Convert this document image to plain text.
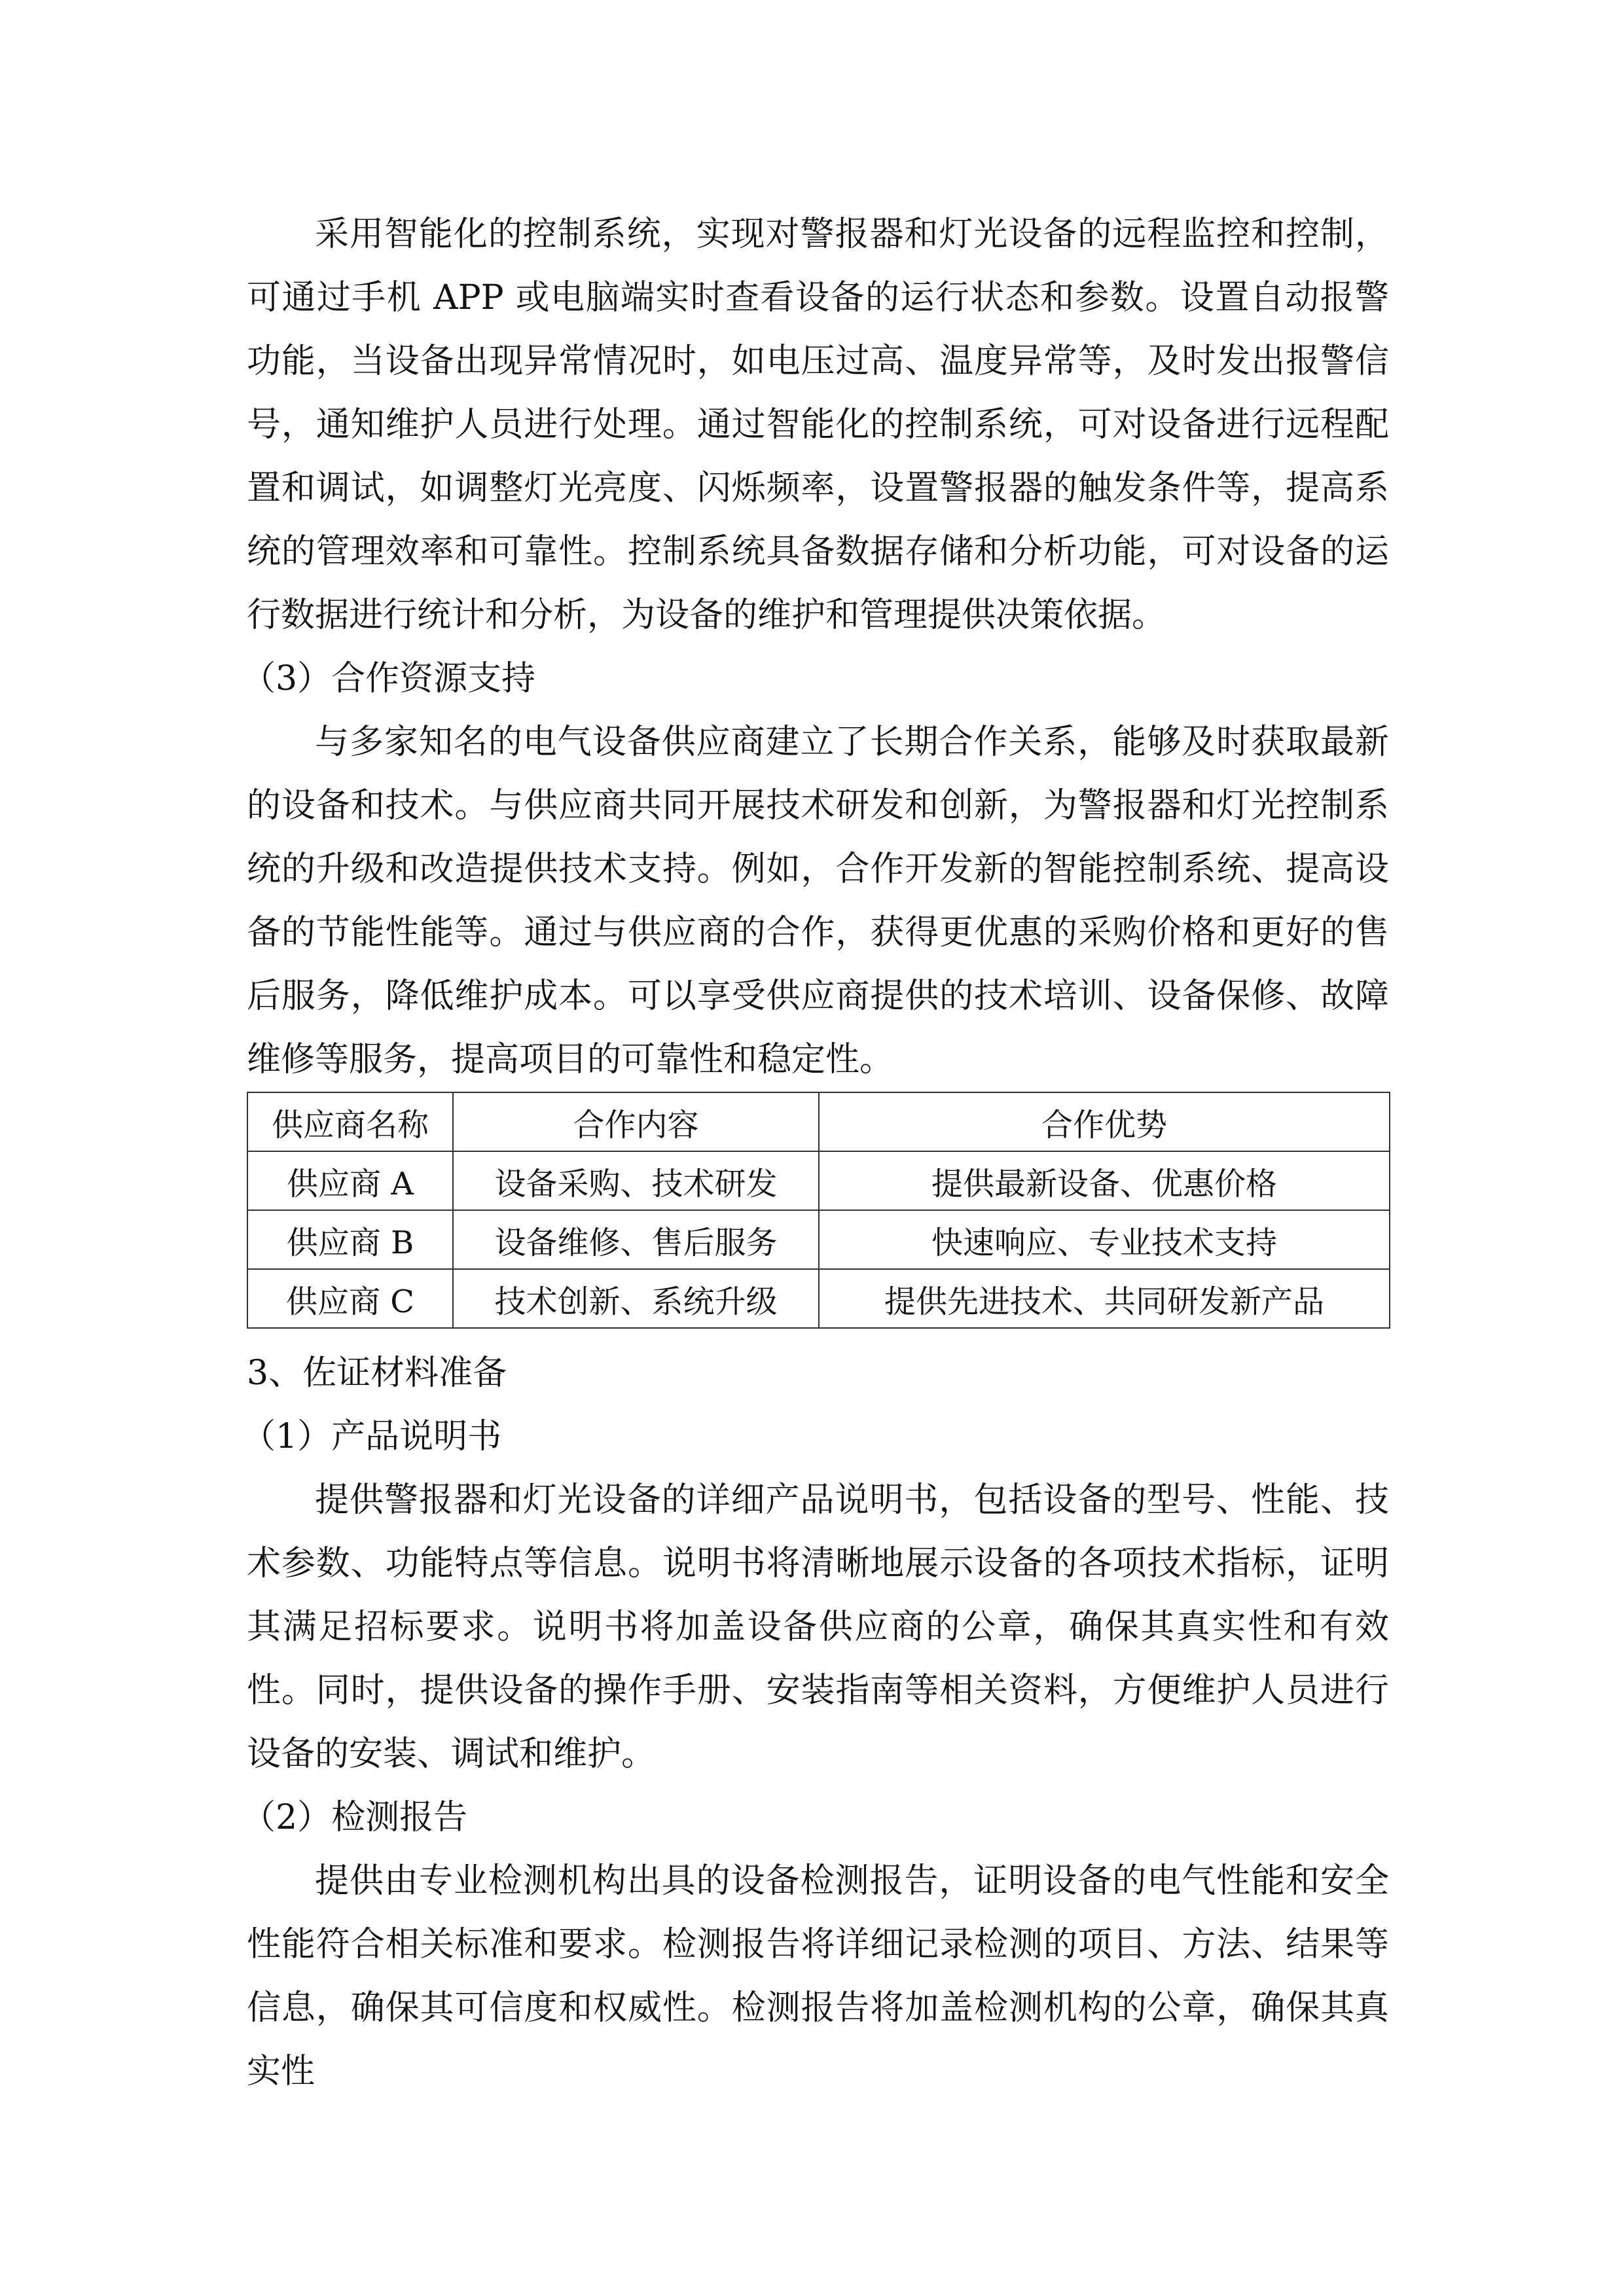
采用智能化的控制系统，实现对警报器和灯光设备的远程监控和控制，可通过手机 APP 或电脑端实时查看设备的运行状态和参数。设置自动报警功能，当设备出现异常情况时，如电压过高、温度异常等，及时发出报警信号，通知维护人员进行处理。通过智能化的控制系统，可对设备进行远程配置和调试，如调整灯光亮度、闪烁频率，设置警报器的触发条件等，提高系统的管理效率和可靠性。控制系统具备数据存储和分析功能，可对设备的运行数据进行统计和分析，为设备的维护和管理提供决策依据。

（3）合作资源支持

与多家知名的电气设备供应商建立了长期合作关系，能够及时获取最新的设备和技术。与供应商共同开展技术研发和创新，为警报器和灯光控制系统的升级和改造提供技术支持。例如，合作开发新的智能控制系统、提高设备的节能性能等。通过与供应商的合作，获得更优惠的采购价格和更好的售后服务，降低维护成本。可以享受供应商提供的技术培训、设备保修、故障维修等服务，提高项目的可靠性和稳定性。

供应商名称	合作内容	合作优势
供应商 A	设备采购、技术研发	提供最新设备、优惠价格
供应商 B	设备维修、售后服务	快速响应、专业技术支持
供应商 C	技术创新、系统升级	提供先进技术、共同研发新产品

3、佐证材料准备

（1）产品说明书

提供警报器和灯光设备的详细产品说明书，包括设备的型号、性能、技术参数、功能特点等信息。说明书将清晰地展示设备的各项技术指标，证明其满足招标要求。说明书将加盖设备供应商的公章，确保其真实性和有效性。同时，提供设备的操作手册、安装指南等相关资料，方便维护人员进行设备的安装、调试和维护。

（2）检测报告

提供由专业检测机构出具的设备检测报告，证明设备的电气性能和安全性能符合相关标准和要求。检测报告将详细记录检测的项目、方法、结果等信息，确保其可信度和权威性。检测报告将加盖检测机构的公章，确保其真实性
